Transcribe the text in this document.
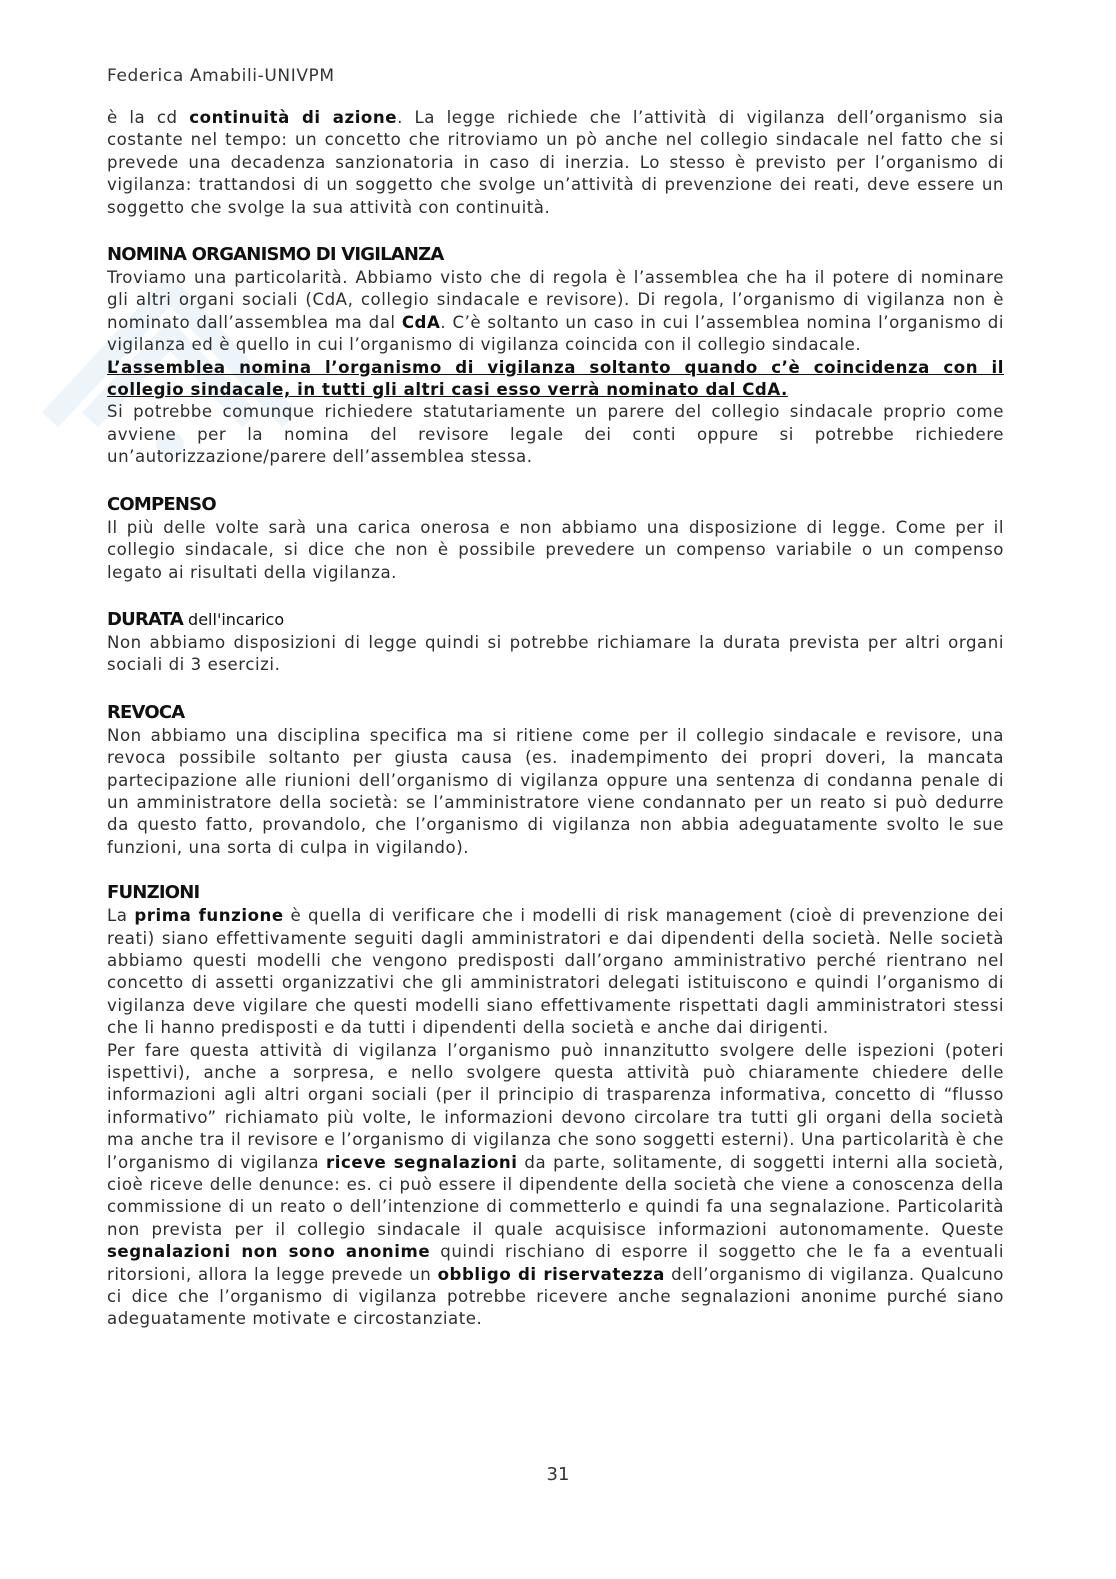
Federica Amabili-UNIVPM

è la cd continuità di azione. La legge richiede che l’attività di vigilanza dell’organismo sia costante nel tempo: un concetto che ritroviamo un pò anche nel collegio sindacale nel fatto che si prevede una decadenza sanzionatoria in caso di inerzia. Lo stesso è previsto per l’organismo di vigilanza: trattandosi di un soggetto che svolge un’attività di prevenzione dei reati, deve essere un soggetto che svolge la sua attività con continuità.

NOMINA ORGANISMO DI VIGILANZA

Troviamo una particolarità. Abbiamo visto che di regola è l’assemblea che ha il potere di nominare gli altri organi sociali (CdA, collegio sindacale e revisore). Di regola, l’organismo di vigilanza non è nominato dall’assemblea ma dal CdA. C’è soltanto un caso in cui l’assemblea nomina l’organismo di vigilanza ed è quello in cui l’organismo di vigilanza coincida con il collegio sindacale.

L’assemblea nomina l’organismo di vigilanza soltanto quando c’è coincidenza con il collegio sindacale, in tutti gli altri casi esso verrà nominato dal CdA.

Si potrebbe comunque richiedere statutariamente un parere del collegio sindacale proprio come avviene per la nomina del revisore legale dei conti oppure si potrebbe richiedere un’autorizzazione/parere dell’assemblea stessa.

COMPENSO

Il più delle volte sarà una carica onerosa e non abbiamo una disposizione di legge. Come per il collegio sindacale, si dice che non è possibile prevedere un compenso variabile o un compenso legato ai risultati della vigilanza.

DURATA dell'incarico

Non abbiamo disposizioni di legge quindi si potrebbe richiamare la durata prevista per altri organi sociali di 3 esercizi.

REVOCA

Non abbiamo una disciplina specifica ma si ritiene come per il collegio sindacale e revisore, una revoca possibile soltanto per giusta causa (es. inadempimento dei propri doveri, la mancata partecipazione alle riunioni dell’organismo di vigilanza oppure una sentenza di condanna penale di un amministratore della società: se l’amministratore viene condannato per un reato si può dedurre da questo fatto, provandolo, che l’organismo di vigilanza non abbia adeguatamente svolto le sue funzioni, una sorta di culpa in vigilando).

FUNZIONI

La prima funzione è quella di verificare che i modelli di risk management (cioè di prevenzione dei reati) siano effettivamente seguiti dagli amministratori e dai dipendenti della società. Nelle società abbiamo questi modelli che vengono predisposti dall’organo amministrativo perché rientrano nel concetto di assetti organizzativi che gli amministratori delegati istituiscono e quindi l’organismo di vigilanza deve vigilare che questi modelli siano effettivamente rispettati dagli amministratori stessi che li hanno predisposti e da tutti i dipendenti della società e anche dai dirigenti.

Per fare questa attività di vigilanza l’organismo può innanzitutto svolgere delle ispezioni (poteri ispettivi), anche a sorpresa, e nello svolgere questa attività può chiaramente chiedere delle informazioni agli altri organi sociali (per il principio di trasparenza informativa, concetto di “flusso informativo” richiamato più volte, le informazioni devono circolare tra tutti gli organi della società ma anche tra il revisore e l’organismo di vigilanza che sono soggetti esterni). Una particolarità è che l’organismo di vigilanza riceve segnalazioni da parte, solitamente, di soggetti interni alla società, cioè riceve delle denunce: es. ci può essere il dipendente della società che viene a conoscenza della commissione di un reato o dell’intenzione di commetterlo e quindi fa una segnalazione. Particolarità non prevista per il collegio sindacale il quale acquisisce informazioni autonomamente. Queste segnalazioni non sono anonime quindi rischiano di esporre il soggetto che le fa a eventuali ritorsioni, allora la legge prevede un obbligo di riservatezza dell’organismo di vigilanza. Qualcuno ci dice che l’organismo di vigilanza potrebbe ricevere anche segnalazioni anonime purché siano adeguatamente motivate e circostanziate.

31
